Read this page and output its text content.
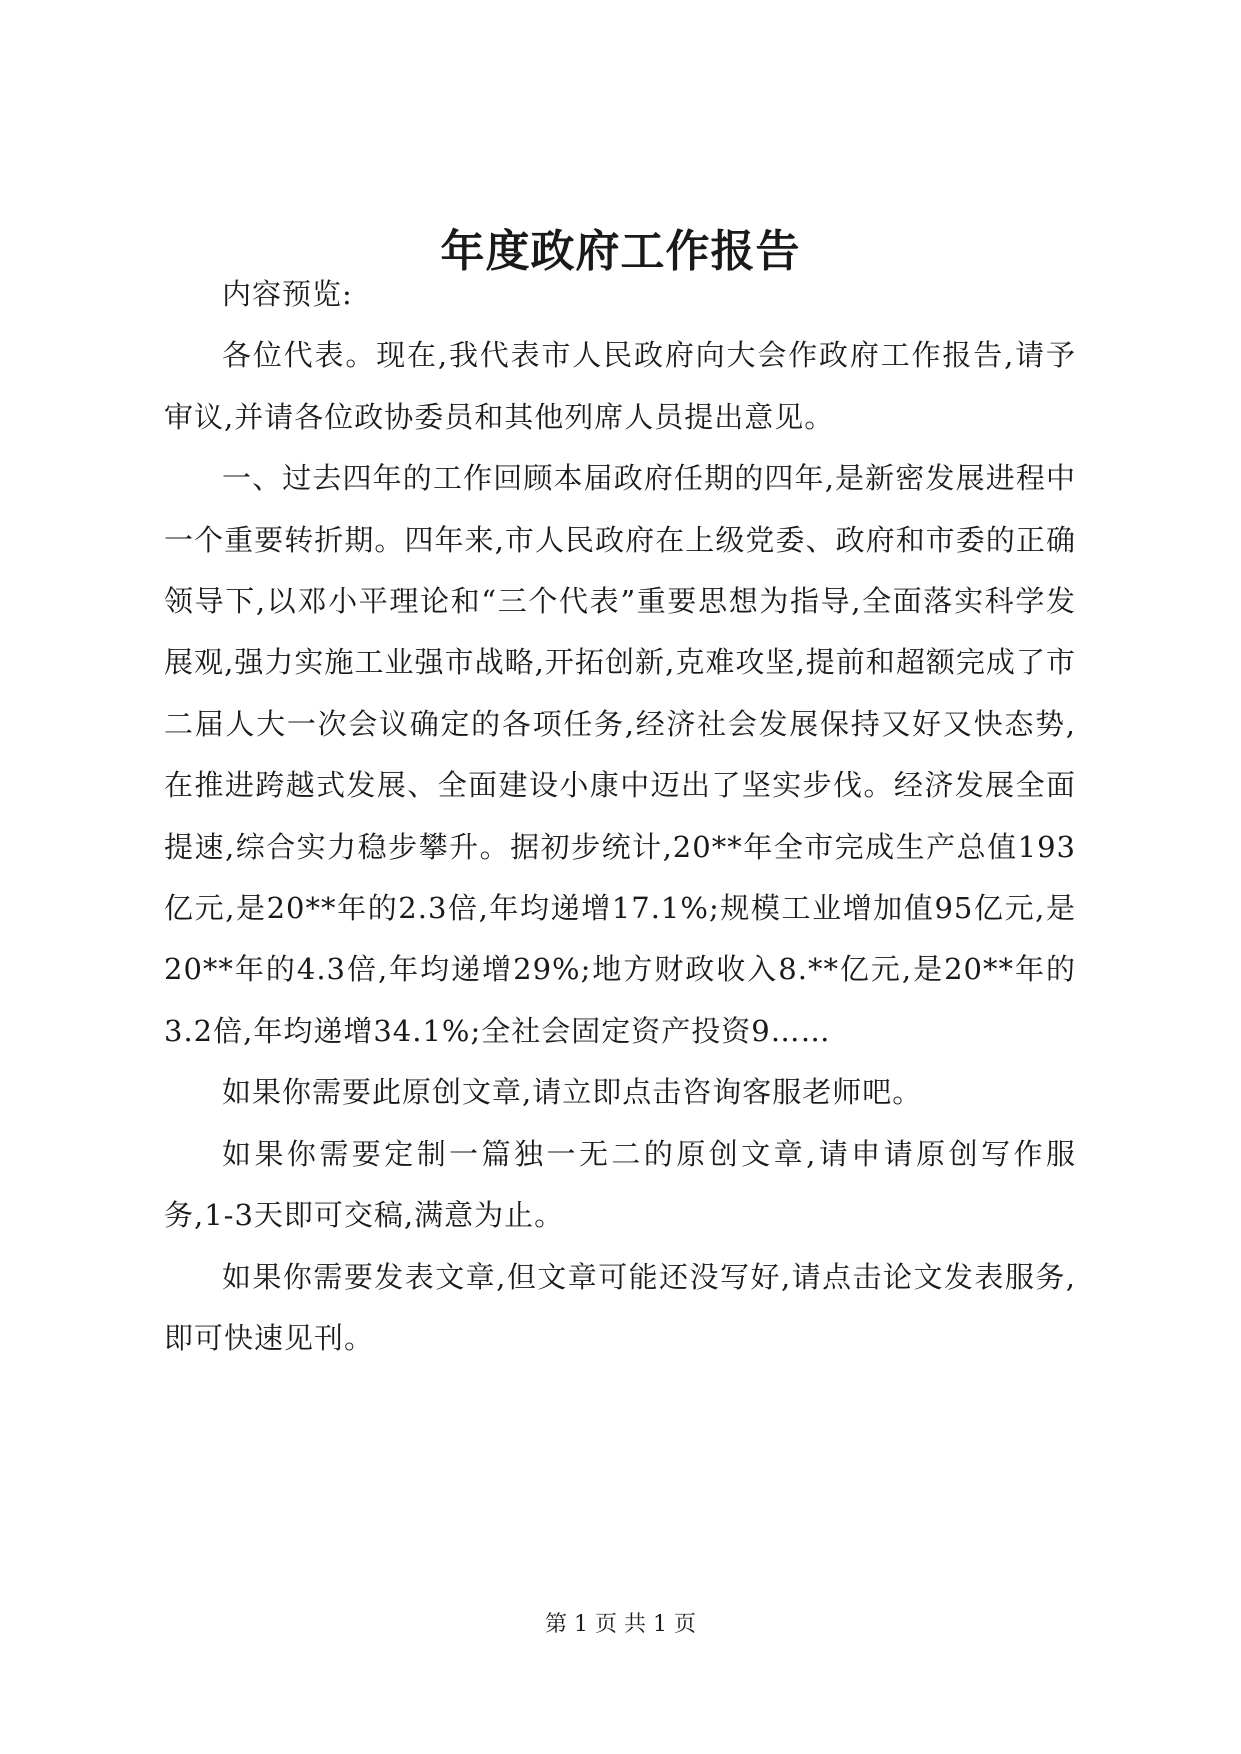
年度政府工作报告

内容预览:

各位代表。现在,我代表市人民政府向大会作政府工作报告,请予审议,并请各位政协委员和其他列席人员提出意见。

一、过去四年的工作回顾本届政府任期的四年,是新密发展进程中一个重要转折期。四年来,市人民政府在上级党委、政府和市委的正确领导下,以邓小平理论和“三个代表”重要思想为指导,全面落实科学发展观,强力实施工业强市战略,开拓创新,克难攻坚,提前和超额完成了市二届人大一次会议确定的各项任务,经济社会发展保持又好又快态势,在推进跨越式发展、全面建设小康中迈出了坚实步伐。经济发展全面提速,综合实力稳步攀升。据初步统计,20**年全市完成生产总值193亿元,是20**年的2.3倍,年均递增17.1%;规模工业增加值95亿元,是20**年的4.3倍,年均递增29%;地方财政收入8.**亿元,是20**年的3.2倍,年均递增34.1%;全社会固定资产投资9……

如果你需要此原创文章,请立即点击咨询客服老师吧。

如果你需要定制一篇独一无二的原创文章,请申请原创写作服务,1-3天即可交稿,满意为止。

如果你需要发表文章,但文章可能还没写好,请点击论文发表服务,即可快速见刊。

第 1 页 共 1 页
